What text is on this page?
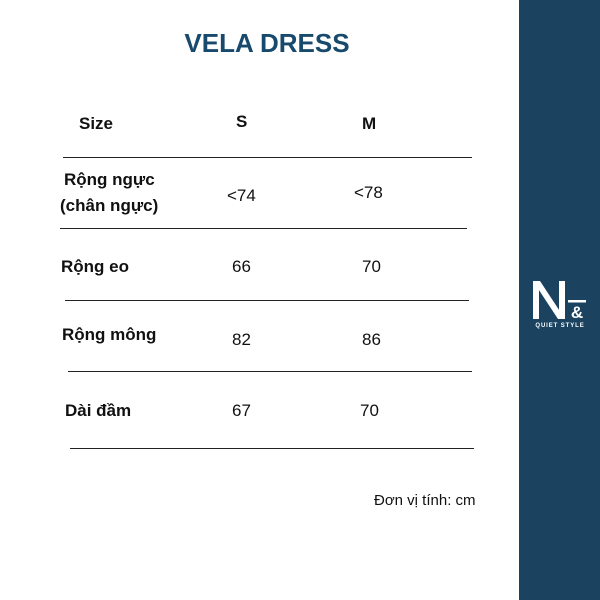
VELA DRESS
Size	S	M
Rộng ngực
(chân ngực)
<74	<78
Rộng eo	66	70
Rộng mông	82	86
Dài đầm	67	70
Đơn vị tính: cm
&
QUIET STYLE
